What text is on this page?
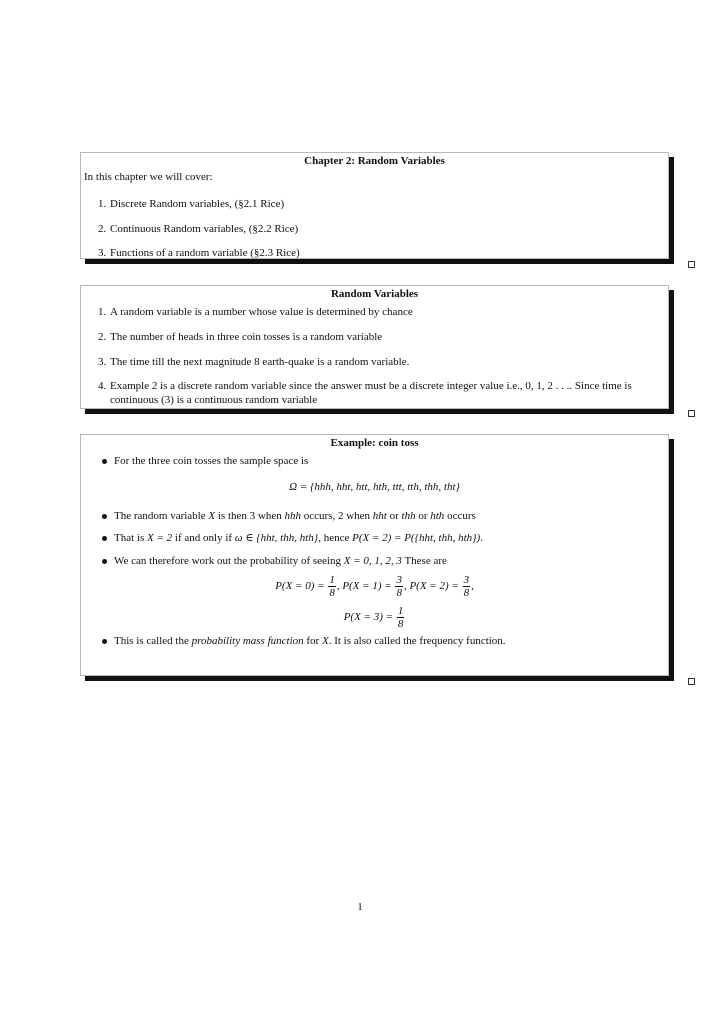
Chapter 2: Random Variables

In this chapter we will cover:

1. Discrete Random variables, (§2.1 Rice)
2. Continuous Random variables, (§2.2 Rice)
3. Functions of a random variable (§2.3 Rice)
Random Variables
1. A random variable is a number whose value is determined by chance
2. The number of heads in three coin tosses is a random variable
3. The time till the next magnitude 8 earth-quake is a random variable.
4. Example 2 is a discrete random variable since the answer must be a discrete integer value i.e., 0, 1, 2 . . .. Since time is continuous (3) is a continuous random variable
Example: coin toss
For the three coin tosses the sample space is
Ω = {hhh, hht, htt, hth, ttt, tth, thh, tht}
The random variable X is then 3 when hhh occurs, 2 when hht or thh or hth occurs
That is X = 2 if and only if ω ∈ {hht, thh, hth}, hence P(X = 2) = P({hht, thh, hth}).
We can therefore work out the probability of seeing X = 0, 1, 2, 3 These are
$P(X = 0) = \frac{1}{8}$ , $P(X = 1) = \frac{3}{8}$ , $P(X = 2) = \frac{3}{8}$ ,
$P(X = 3) = \frac{1}{8}$
This is called the probability mass function for X. It is also called the frequency function.
1
